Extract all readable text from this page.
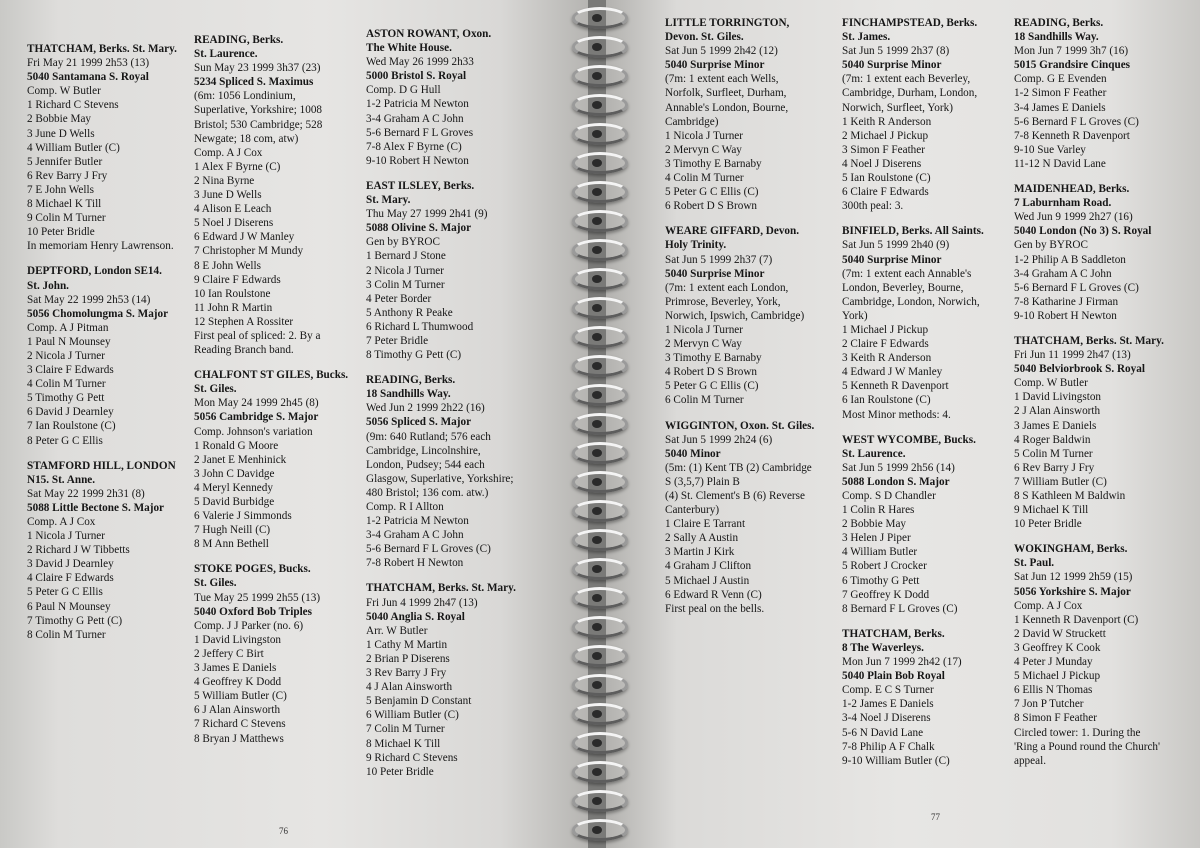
THATCHAM, Berks. St. Mary.
Fri May 21 1999 2h53 (13)
5040 Santamana S. Royal
Comp. W Butler
1 Richard C Stevens
2 Bobbie May
3 June D Wells
4 William Butler (C)
5 Jennifer Butler
6 Rev Barry J Fry
7 E John Wells
8 Michael K Till
9 Colin M Turner
10 Peter Bridle
In memoriam Henry Lawrenson.
DEPTFORD, London SE14.
St. John.
Sat May 22 1999 2h53 (14)
5056 Chomolungma S. Major
Comp. A J Pitman
1 Paul N Mounsey
2 Nicola J Turner
3 Claire F Edwards
4 Colin M Turner
5 Timothy G Pett
6 David J Dearnley
7 Ian Roulstone (C)
8 Peter G C Ellis
STAMFORD HILL, LONDON
N15. St. Anne.
Sat May 22 1999 2h31 (8)
5088 Little Bectone S. Major
Comp. A J Cox
1 Nicola J Turner
2 Richard J W Tibbetts
3 David J Dearnley
4 Claire F Edwards
5 Peter G C Ellis
6 Paul N Mounsey
7 Timothy G Pett (C)
8 Colin M Turner
READING, Berks.
St. Laurence.
Sun May 23 1999 3h37 (23)
5234 Spliced S. Maximus
(6m: 1056 Londinium,
Superlative, Yorkshire; 1008
Bristol; 530 Cambridge; 528
Newgate; 18 com, atw)
Comp. A J Cox
1 Alex F Byrne (C)
2 Nina Byrne
3 June D Wells
4 Alison E Leach
5 Noel J Diserens
6 Edward J W Manley
7 Christopher M Mundy
8 E John Wells
9 Claire F Edwards
10 Ian Roulstone
11 John R Martin
12 Stephen A Rossiter
First peal of spliced: 2. By a
Reading Branch band.
CHALFONT ST GILES, Bucks.
St. Giles.
Mon May 24 1999 2h45 (8)
5056 Cambridge S. Major
Comp. Johnson's variation
1 Ronald G Moore
2 Janet E Menhinick
3 John C Davidge
4 Meryl Kennedy
5 David Burbidge
6 Valerie J Simmonds
7 Hugh Neill (C)
8 M Ann Bethell
STOKE POGES, Bucks.
St. Giles.
Tue May 25 1999 2h55 (13)
5040 Oxford Bob Triples
Comp. J J Parker (no. 6)
1 David Livingston
2 Jeffery C Birt
3 James E Daniels
4 Geoffrey K Dodd
5 William Butler (C)
6 J Alan Ainsworth
7 Richard C Stevens
8 Bryan J Matthews
ASTON ROWANT, Oxon.
The White House.
Wed May 26 1999 2h33
5000 Bristol S. Royal
Comp. D G Hull
1-2 Patricia M Newton
3-4 Graham A C John
5-6 Bernard F L Groves
7-8 Alex F Byrne (C)
9-10 Robert H Newton
EAST ILSLEY, Berks.
St. Mary.
Thu May 27 1999 2h41 (9)
5088 Olivine S. Major
Gen by BYROC
1 Bernard J Stone
2 Nicola J Turner
3 Colin M Turner
4 Peter Border
5 Anthony R Peake
6 Richard L Thumwood
7 Peter Bridle
8 Timothy G Pett (C)
READING, Berks.
18 Sandhills Way.
Wed Jun 2 1999 2h22 (16)
5056 Spliced S. Major
(9m: 640 Rutland; 576 each
Cambridge, Lincolnshire,
London, Pudsey; 544 each
Glasgow, Superlative, Yorkshire;
480 Bristol; 136 com. atw.)
Comp. R I Allton
1-2 Patricia M Newton
3-4 Graham A C John
5-6 Bernard F L Groves (C)
7-8 Robert H Newton
THATCHAM, Berks. St. Mary.
Fri Jun 4 1999 2h47 (13)
5040 Anglia S. Royal
Arr. W Butler
1 Cathy M Martin
2 Brian P Diserens
3 Rev Barry J Fry
4 J Alan Ainsworth
5 Benjamin D Constant
6 William Butler (C)
7 Colin M Turner
8 Michael K Till
9 Richard C Stevens
10 Peter Bridle
76
LITTLE TORRINGTON,
Devon. St. Giles.
Sat Jun 5 1999 2h42 (12)
5040 Surprise Minor
(7m: 1 extent each Wells,
Norfolk, Surfleet, Durham,
Annable's London, Bourne,
Cambridge)
1 Nicola J Turner
2 Mervyn C Way
3 Timothy E Barnaby
4 Colin M Turner
5 Peter G C Ellis (C)
6 Robert D S Brown
WEARE GIFFARD, Devon.
Holy Trinity.
Sat Jun 5 1999 2h37 (7)
5040 Surprise Minor
(7m: 1 extent each London,
Primrose, Beverley, York,
Norwich, Ipswich, Cambridge)
1 Nicola J Turner
2 Mervyn C Way
3 Timothy E Barnaby
4 Robert D S Brown
5 Peter G C Ellis (C)
6 Colin M Turner
WIGGINTON, Oxon. St. Giles.
Sat Jun 5 1999 2h24 (6)
5040 Minor
(5m: (1) Kent TB (2) Cambridge
S (3,5,7) Plain B
(4) St. Clement's B (6) Reverse
Canterbury)
1 Claire E Tarrant
2 Sally A Austin
3 Martin J Kirk
4 Graham J Clifton
5 Michael J Austin
6 Edward R Venn (C)
First peal on the bells.
FINCHAMPSTEAD, Berks.
St. James.
Sat Jun 5 1999 2h37 (8)
5040 Surprise Minor
(7m: 1 extent each Beverley,
Cambridge, Durham, London,
Norwich, Surfleet, York)
1 Keith R Anderson
2 Michael J Pickup
3 Simon F Feather
4 Noel J Diserens
5 Ian Roulstone (C)
6 Claire F Edwards
300th peal: 3.
BINFIELD, Berks. All Saints.
Sat Jun 5 1999 2h40 (9)
5040 Surprise Minor
(7m: 1 extent each Annable's
London, Beverley, Bourne,
Cambridge, London, Norwich,
York)
1 Michael J Pickup
2 Claire F Edwards
3 Keith R Anderson
4 Edward J W Manley
5 Kenneth R Davenport
6 Ian Roulstone (C)
Most Minor methods: 4.
WEST WYCOMBE, Bucks.
St. Laurence.
Sat Jun 5 1999 2h56 (14)
5088 London S. Major
Comp. S D Chandler
1 Colin R Hares
2 Bobbie May
3 Helen J Piper
4 William Butler
5 Robert J Crocker
6 Timothy G Pett
7 Geoffrey K Dodd
8 Bernard F L Groves (C)
THATCHAM, Berks.
8 The Waverleys.
Mon Jun 7 1999 2h42 (17)
5040 Plain Bob Royal
Comp. E C S Turner
1-2 James E Daniels
3-4 Noel J Diserens
5-6 N David Lane
7-8 Philip A F Chalk
9-10 William Butler (C)
READING, Berks.
18 Sandhills Way.
Mon Jun 7 1999 3h7 (16)
5015 Grandsire Cinques
Comp. G E Evenden
1-2 Simon F Feather
3-4 James E Daniels
5-6 Bernard F L Groves (C)
7-8 Kenneth R Davenport
9-10 Sue Varley
11-12 N David Lane
MAIDENHEAD, Berks.
7 Laburnham Road.
Wed Jun 9 1999 2h27 (16)
5040 London (No 3) S. Royal
Gen by BYROC
1-2 Philip A B Saddleton
3-4 Graham A C John
5-6 Bernard F L Groves (C)
7-8 Katharine J Firman
9-10 Robert H Newton
THATCHAM, Berks. St. Mary.
Fri Jun 11 1999 2h47 (13)
5040 Belviorbrook S. Royal
Comp. W Butler
1 David Livingston
2 J Alan Ainsworth
3 James E Daniels
4 Roger Baldwin
5 Colin M Turner
6 Rev Barry J Fry
7 William Butler (C)
8 S Kathleen M Baldwin
9 Michael K Till
10 Peter Bridle
WOKINGHAM, Berks.
St. Paul.
Sat Jun 12 1999 2h59 (15)
5056 Yorkshire S. Major
Comp. A J Cox
1 Kenneth R Davenport (C)
2 David W Struckett
3 Geoffrey K Cook
4 Peter J Munday
5 Michael J Pickup
6 Ellis N Thomas
7 Jon P Tutcher
8 Simon F Feather
Circled tower: 1. During the
'Ring a Pound round the Church'
appeal.
77
